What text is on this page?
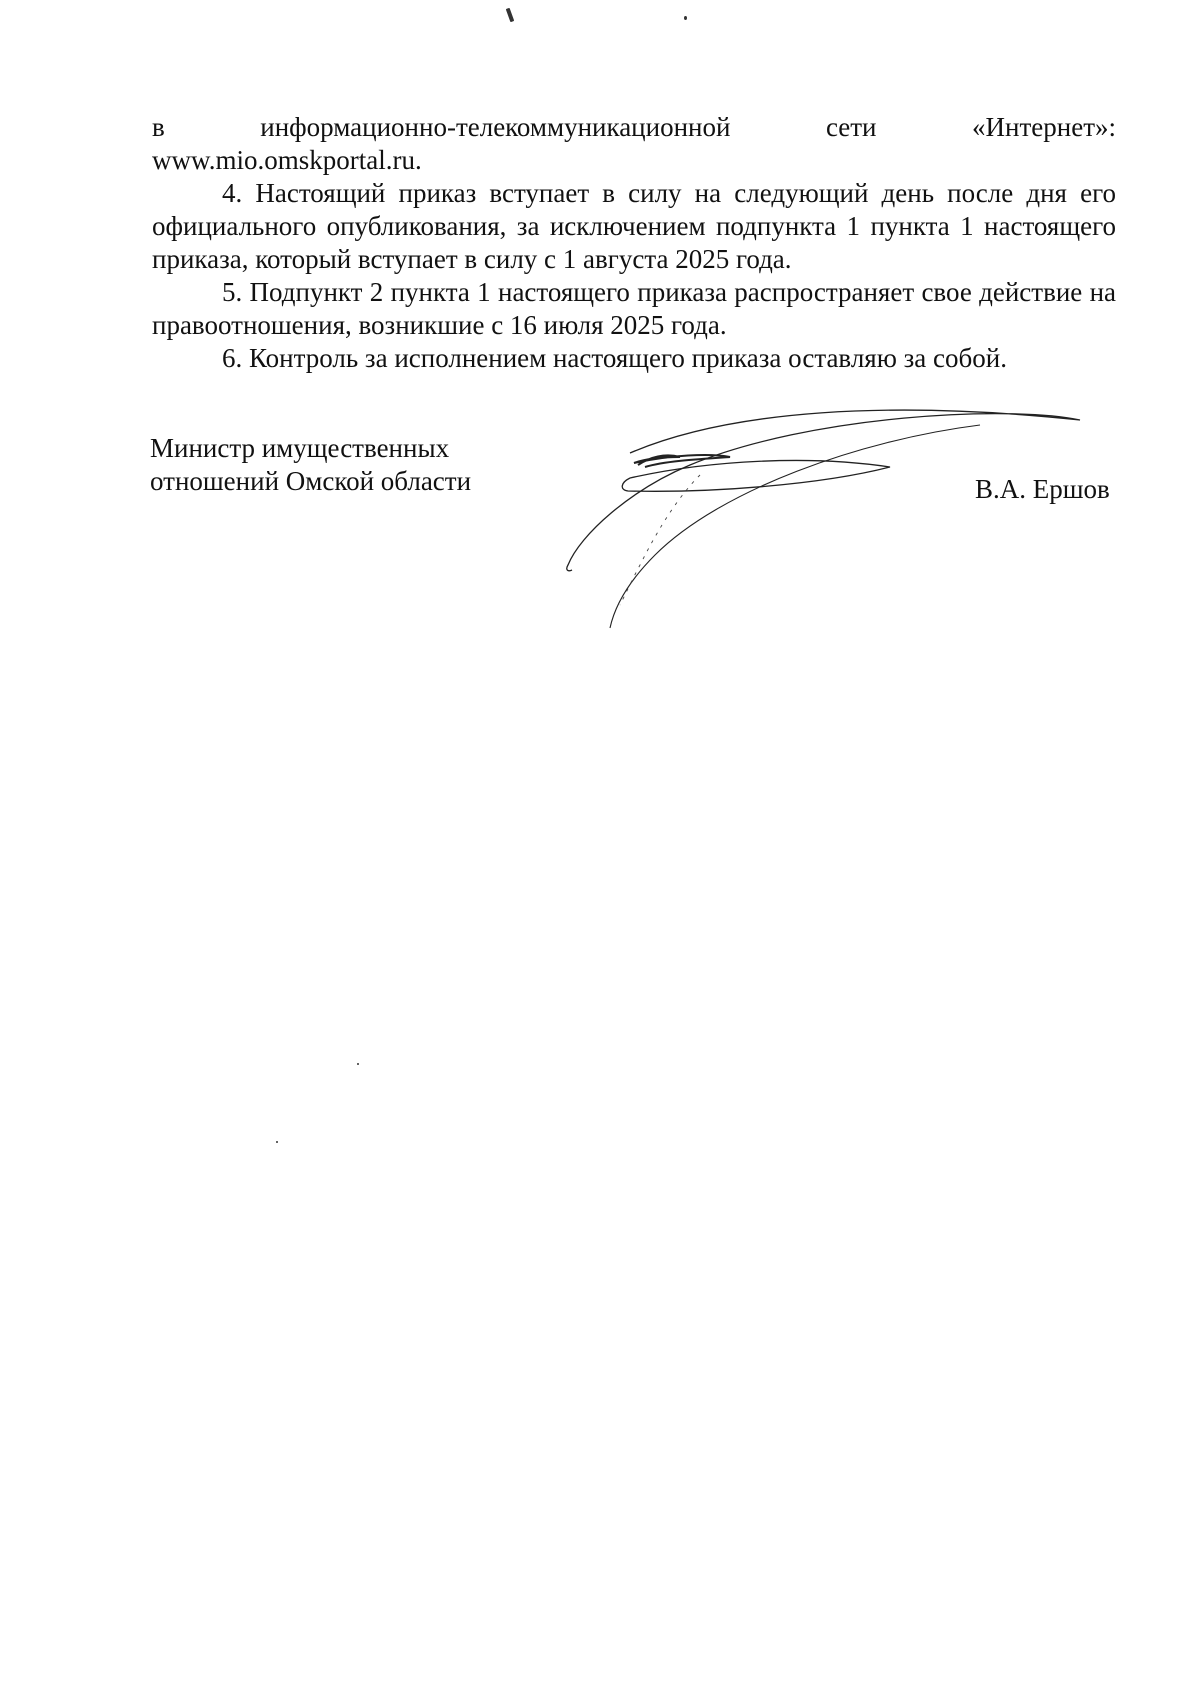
в	информационно-телекоммуникационной	сети	«Интернет»:

www.mio.omskportal.ru.

4. Настоящий приказ вступает в силу на следующий день после дня его официального опубликования, за исключением подпункта 1 пункта 1 настоящего приказа, который вступает в силу с 1 августа 2025 года.

5. Подпункт 2 пункта 1 настоящего приказа распространяет свое действие на правоотношения, возникшие с 16 июля 2025 года.

6. Контроль за исполнением настоящего приказа оставляю за собой.

Министр имущественных
отношений Омской области	В.А. Ершов
